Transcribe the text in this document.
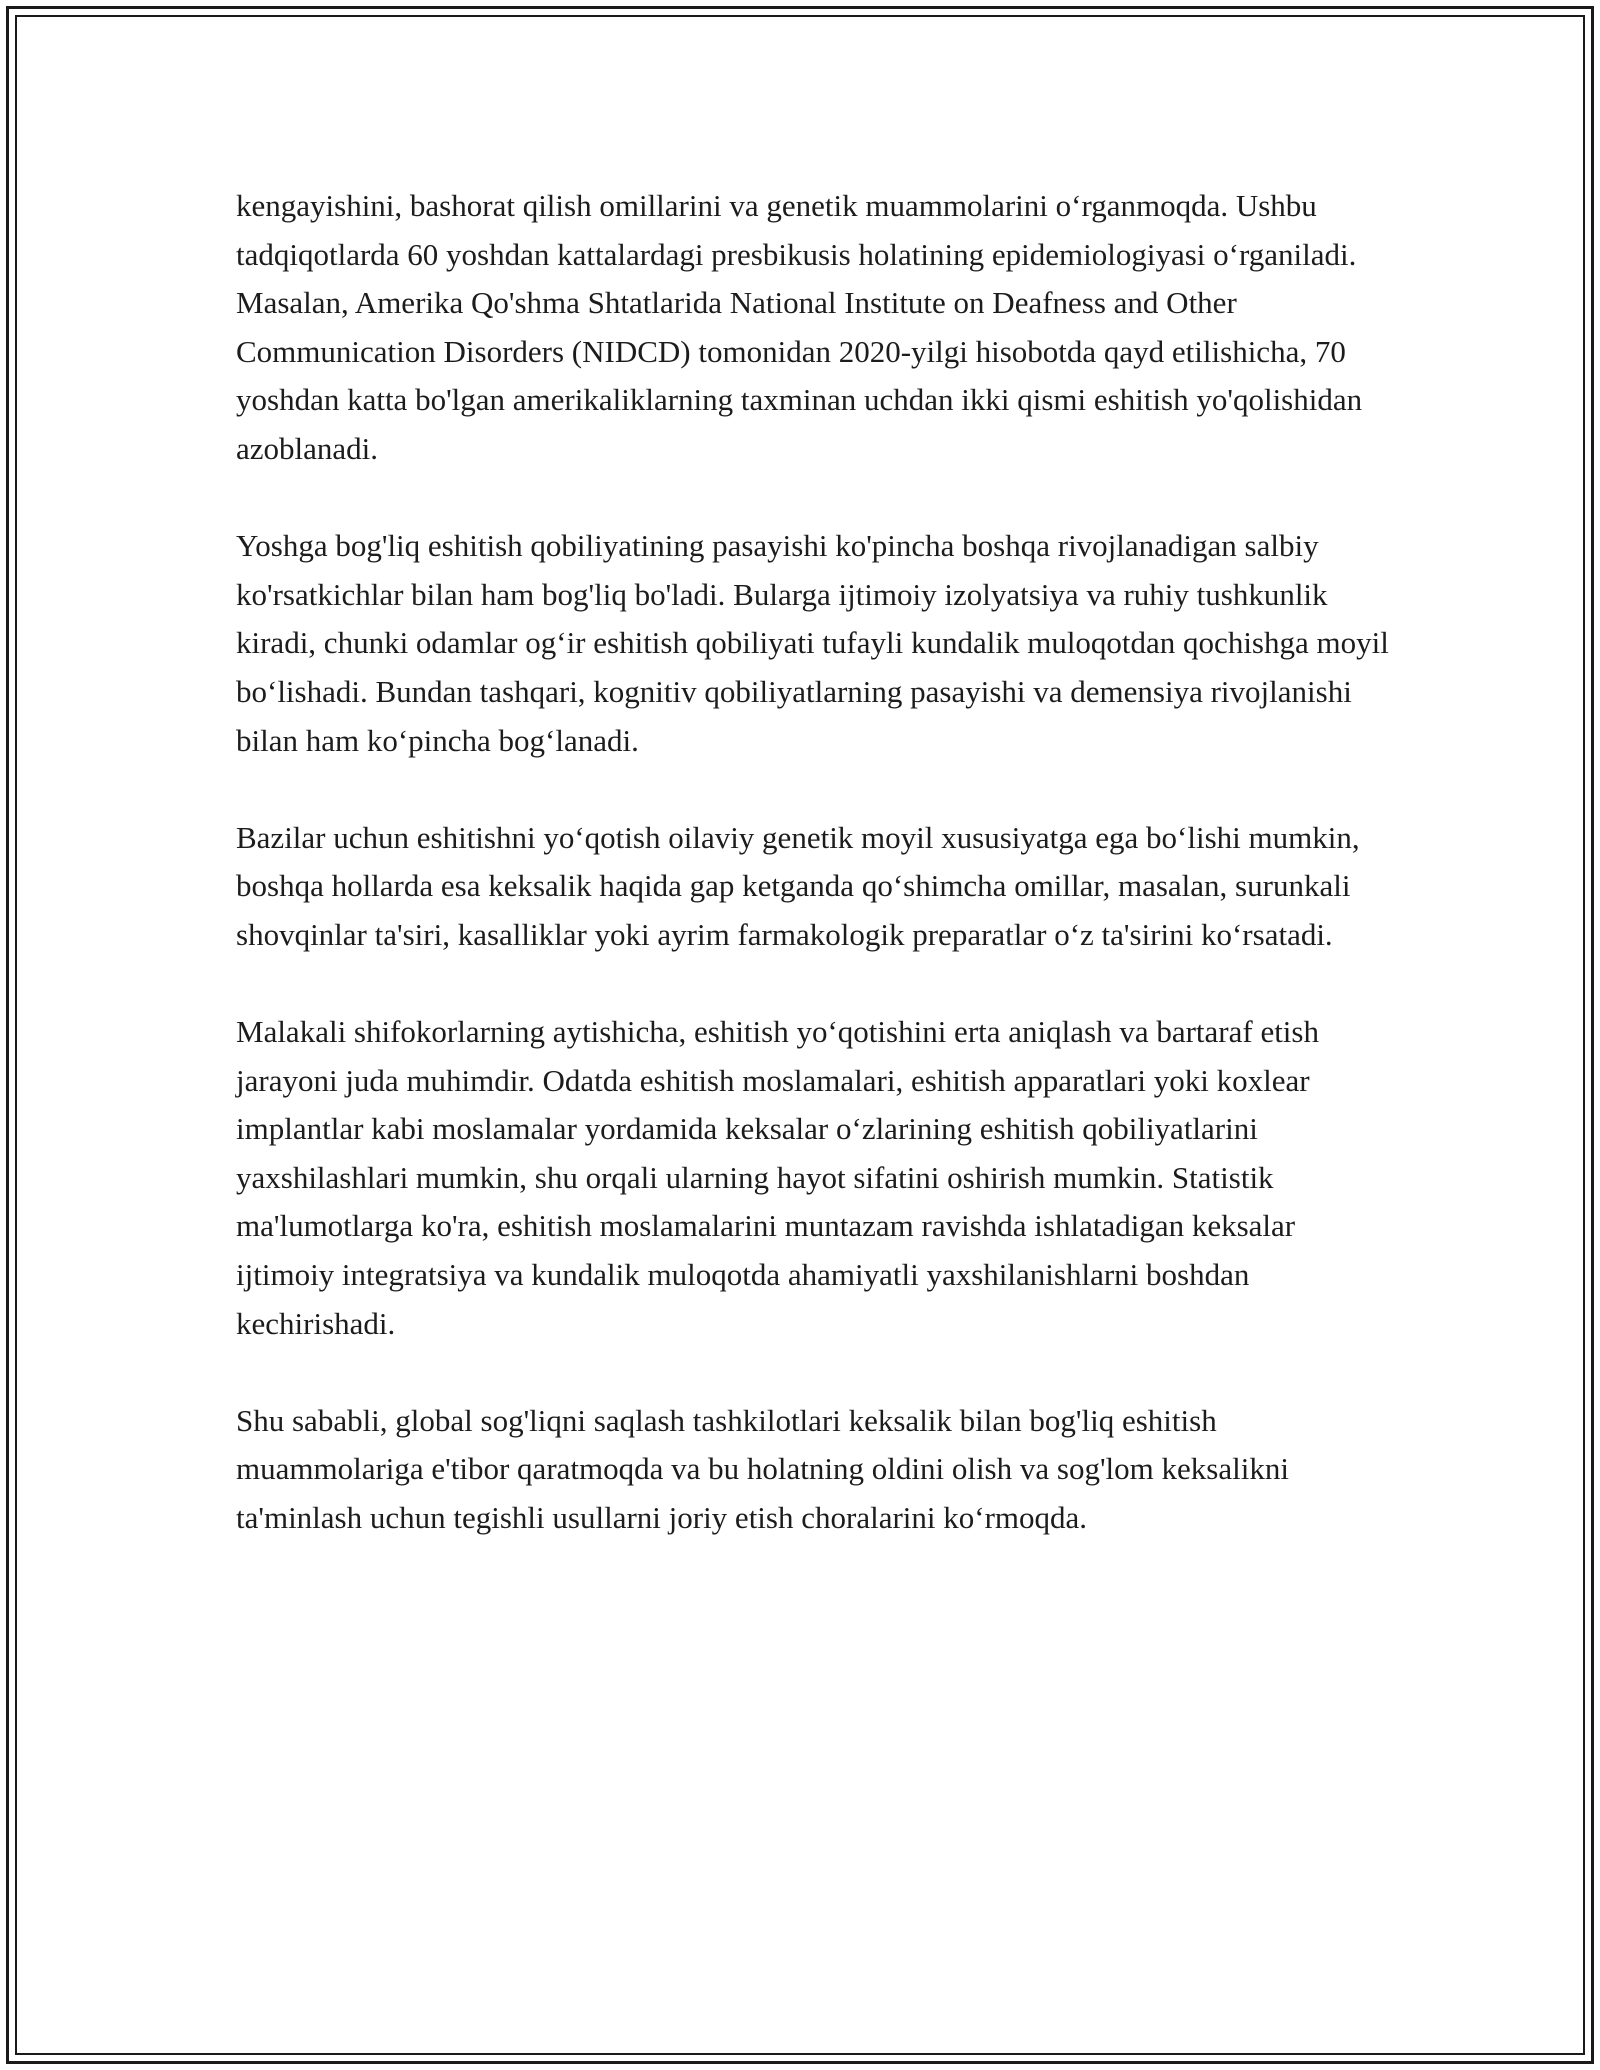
kengayishini, bashorat qilish omillarini va genetik muammolarini oʻrganmoqda. Ushbu tadqiqotlarda 60 yoshdan kattalardagi presbikusis holatining epidemiologiyasi oʻrganiladi. Masalan, Amerika Qo'shma Shtatlarida National Institute on Deafness and Other Communication Disorders (NIDCD) tomonidan 2020-yilgi hisobotda qayd etilishicha, 70 yoshdan katta bo'lgan amerikaliklarning taxminan uchdan ikki qismi eshitish yo'qolishidan azoblanadi.

Yoshga bog'liq eshitish qobiliyatining pasayishi ko'pincha boshqa rivojlanadigan salbiy ko'rsatkichlar bilan ham bog'liq bo'ladi. Bularga ijtimoiy izolyatsiya va ruhiy tushkunlik kiradi, chunki odamlar ogʻir eshitish qobiliyati tufayli kundalik muloqotdan qochishga moyil boʻlishadi. Bundan tashqari, kognitiv qobiliyatlarning pasayishi va demensiya rivojlanishi bilan ham koʻpincha bogʻlanadi.

Bazilar uchun eshitishni yoʻqotish oilaviy genetik moyil xususiyatga ega boʻlishi mumkin, boshqa hollarda esa keksalik haqida gap ketganda qoʻshimcha omillar, masalan, surunkali shovqinlar ta'siri, kasalliklar yoki ayrim farmakologik preparatlar oʻz ta'sirini koʻrsatadi.

Malakali shifokorlarning aytishicha, eshitish yoʻqotishini erta aniqlash va bartaraf etish jarayoni juda muhimdir. Odatda eshitish moslamalari, eshitish apparatlari yoki koxlear implantlar kabi moslamalar yordamida keksalar oʻzlarining eshitish qobiliyatlarini yaxshilashlari mumkin, shu orqali ularning hayot sifatini oshirish mumkin. Statistik ma'lumotlarga ko'ra, eshitish moslamalarini muntazam ravishda ishlatadigan keksalar ijtimoiy integratsiya va kundalik muloqotda ahamiyatli yaxshilanishlarni boshdan kechirishadi.

Shu sababli, global sog'liqni saqlash tashkilotlari keksalik bilan bog'liq eshitish muammolariga e'tibor qaratmoqda va bu holatning oldini olish va sog'lom keksalikni ta'minlash uchun tegishli usullarni joriy etish choralarini koʻrmoqda.
